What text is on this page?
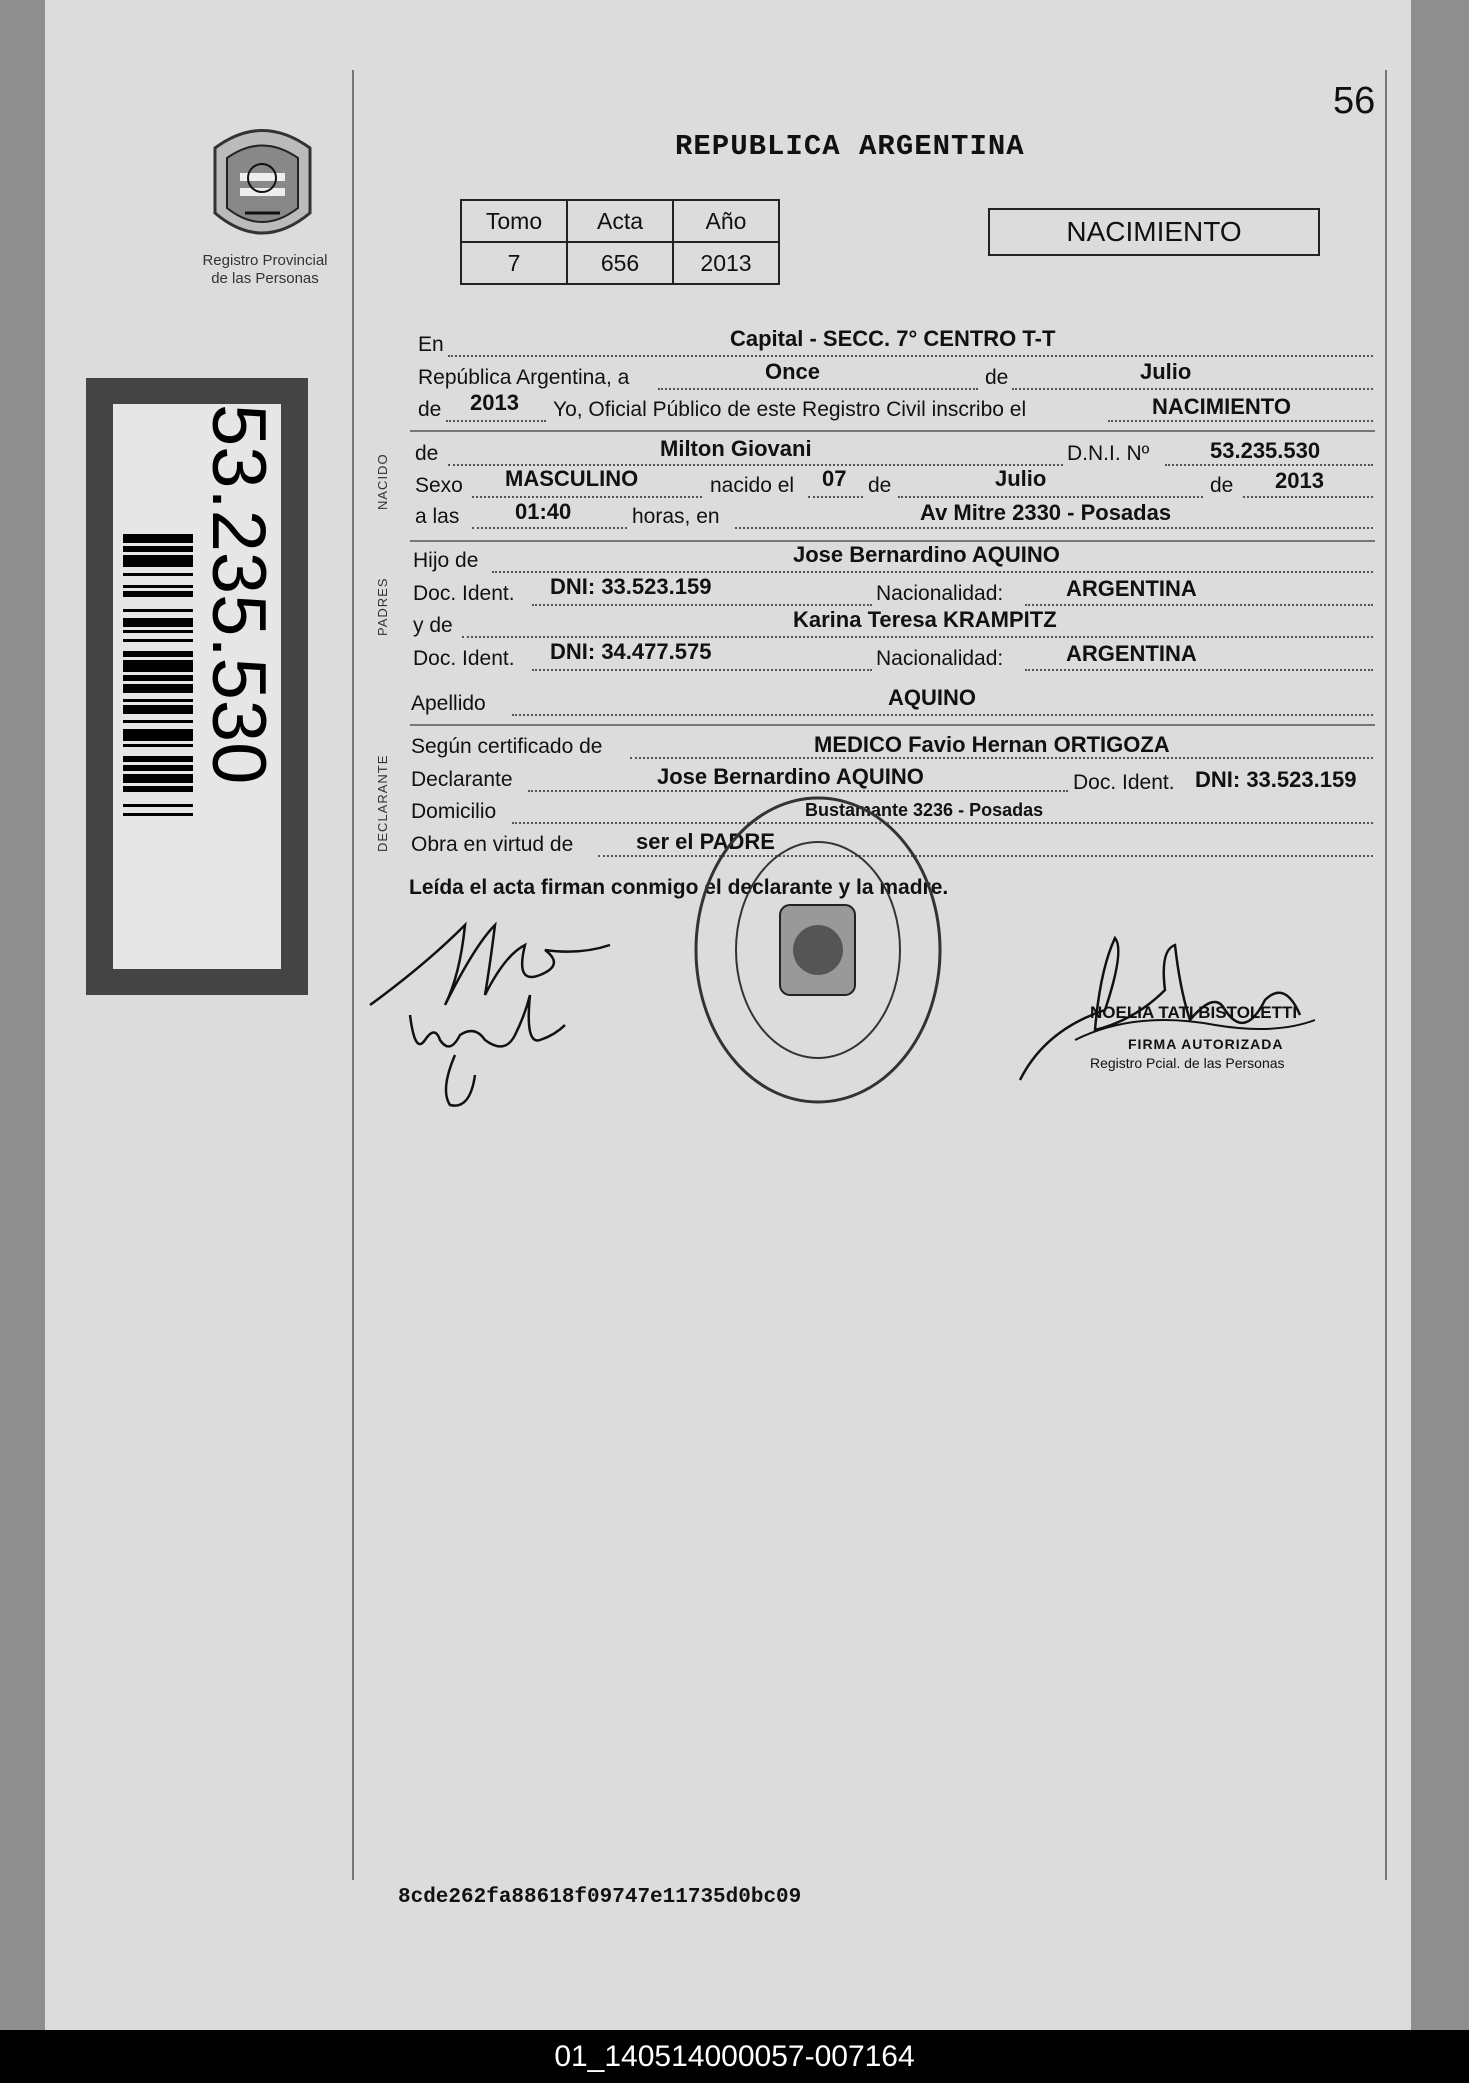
56
Registro Provincial
de las Personas
REPUBLICA ARGENTINA
Tomo	Acta	Año
7	656	2013
NACIMIENTO
53.235.530	NACIDO
PADRES
DECLARANTE
En	Capital - SECC. 7° CENTRO T-T
República Argentina, a	Once	de	Julio
de 2013 Yo, Oficial Público de este Registro Civil inscribo el	NACIMIENTO
de	Milton Giovani	D.N.I. Nº	53.235.530
Sexo MASCULINO	nacido el 07 de	Julio	de 2013
a las	01:40	horas, en	Av Mitre 2330 - Posadas
Hijo de	Jose Bernardino AQUINO
Doc. Ident. DNI: 33.523.159	Nacionalidad:	ARGENTINA
y de	Karina Teresa KRAMPITZ
Doc. Ident. DNI: 34.477.575	Nacionalidad:	ARGENTINA
Apellido	AQUINO
Según certificado de	MEDICO Favio Hernan ORTIGOZA
Declarante	Jose Bernardino AQUINO	Doc. Ident. DNI: 33.523.159
Domicilio	Bustamante 3236 - Posadas
Obra en virtud de	ser el PADRE
Leída el acta firman conmigo el declarante y la madre.
NOELIA TATI BISTOLETTI
FIRMA AUTORIZADA
Registro Pcial. de las Personas
8cde262fa88618f09747e11735d0bc09
01_140514000057-007164
